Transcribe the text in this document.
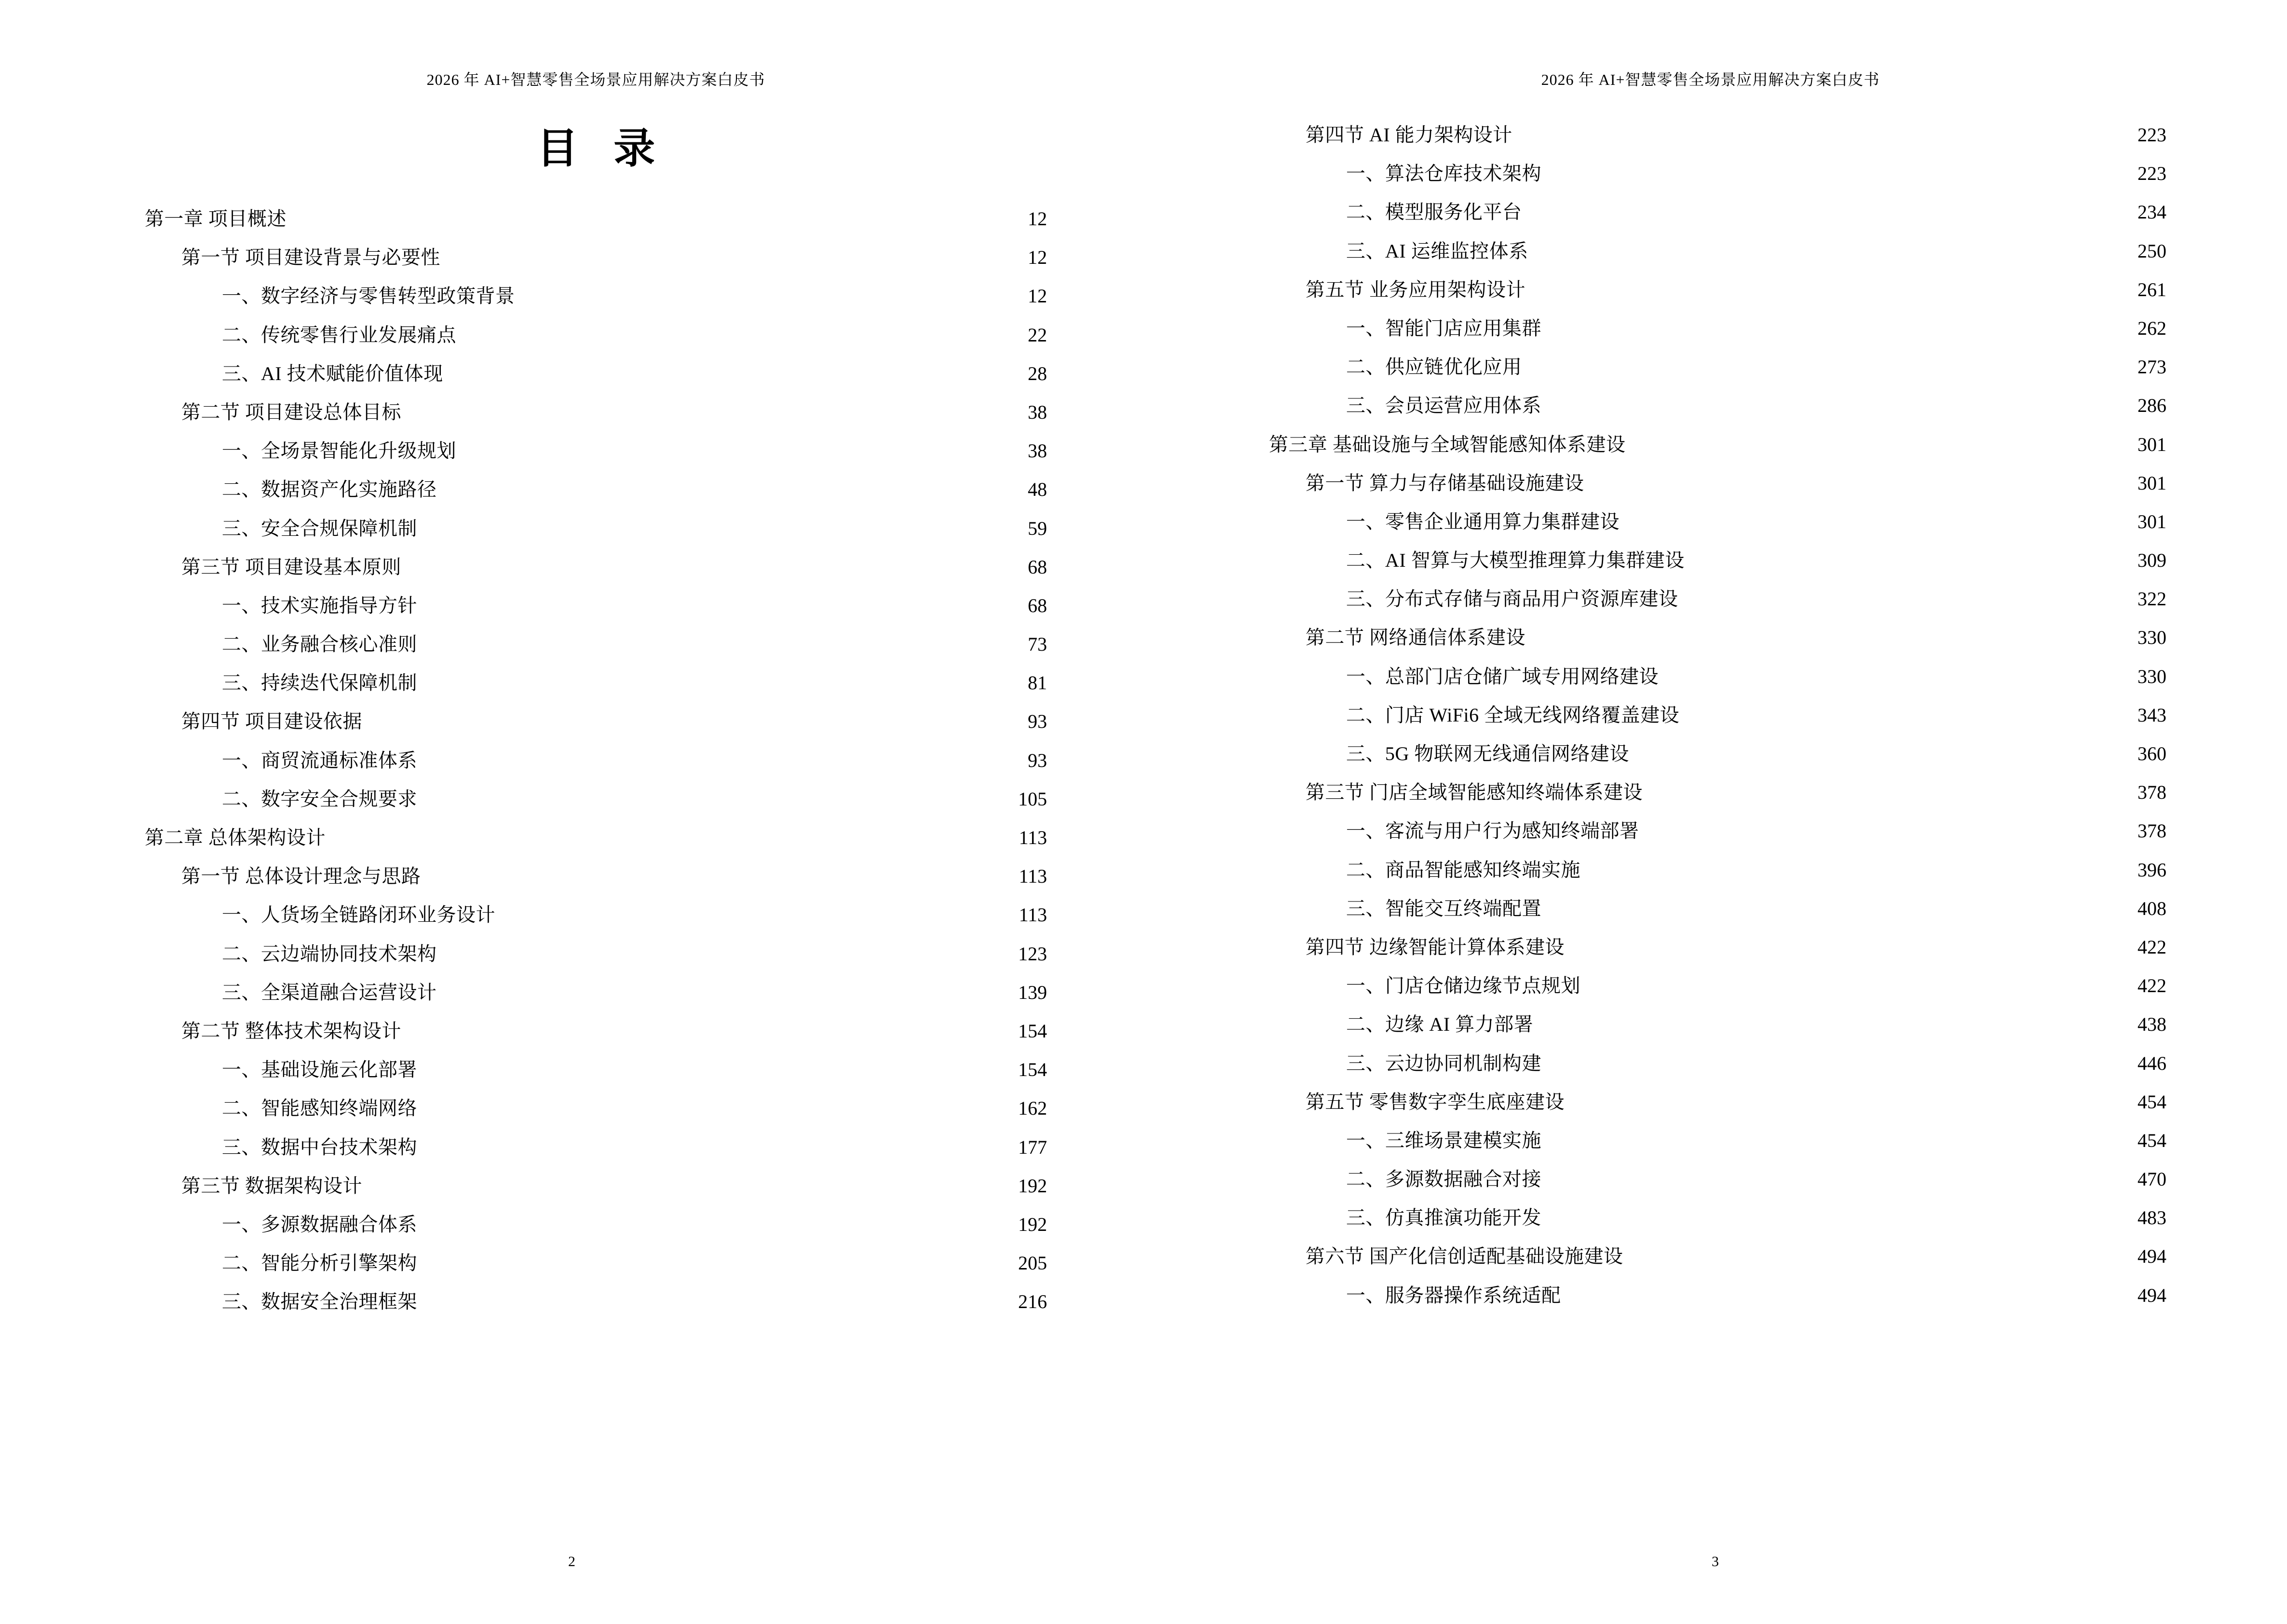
2026 年 AI+智慧零售全场景应用解决方案白皮书
目 录
第一章 项目概述 .....	12
第一节 项目建设背景与必要性 .....	12
一、数字经济与零售转型政策背景 .....	12
二、传统零售行业发展痛点 .....	22
三、AI 技术赋能价值体现 .....	28
第二节 项目建设总体目标 .....	38
一、全场景智能化升级规划 .....	38
二、数据资产化实施路径 .....	48
三、安全合规保障机制 .....	59
第三节 项目建设基本原则 .....	68
一、技术实施指导方针 .....	68
二、业务融合核心准则 .....	73
三、持续迭代保障机制 .....	81
第四节 项目建设依据 .....	93
一、商贸流通标准体系 .....	93
二、数字安全合规要求 .....	105
第二章 总体架构设计 .....	113
第一节 总体设计理念与思路 .....	113
一、人货场全链路闭环业务设计 .....	113
二、云边端协同技术架构 .....	123
三、全渠道融合运营设计 .....	139
第二节 整体技术架构设计 .....	154
一、基础设施云化部署 .....	154
二、智能感知终端网络 .....	162
三、数据中台技术架构 .....	177
第三节 数据架构设计 .....	192
一、多源数据融合体系 .....	192
二、智能分析引擎架构 .....	205
三、数据安全治理框架 .....	216
2
2026 年 AI+智慧零售全场景应用解决方案白皮书
第四节 AI 能力架构设计 .....	223
一、算法仓库技术架构 .....	223
二、模型服务化平台 .....	234
三、AI 运维监控体系 .....	250
第五节 业务应用架构设计 .....	261
一、智能门店应用集群 .....	262
二、供应链优化应用 .....	273
三、会员运营应用体系 .....	286
第三章 基础设施与全域智能感知体系建设 .....	301
第一节 算力与存储基础设施建设 .....	301
一、零售企业通用算力集群建设 .....	301
二、AI 智算与大模型推理算力集群建设 .....	309
三、分布式存储与商品用户资源库建设 .....	322
第二节 网络通信体系建设 .....	330
一、总部门店仓储广域专用网络建设 .....	330
二、门店 WiFi6 全域无线网络覆盖建设 .....	343
三、5G 物联网无线通信网络建设 .....	360
第三节 门店全域智能感知终端体系建设 .....	378
一、客流与用户行为感知终端部署 .....	378
二、商品智能感知终端实施 .....	396
三、智能交互终端配置 .....	408
第四节 边缘智能计算体系建设 .....	422
一、门店仓储边缘节点规划 .....	422
二、边缘 AI 算力部署 .....	438
三、云边协同机制构建 .....	446
第五节 零售数字孪生底座建设 .....	454
一、三维场景建模实施 .....	454
二、多源数据融合对接 .....	470
三、仿真推演功能开发 .....	483
第六节 国产化信创适配基础设施建设 .....	494
一、服务器操作系统适配 .....	494
3
